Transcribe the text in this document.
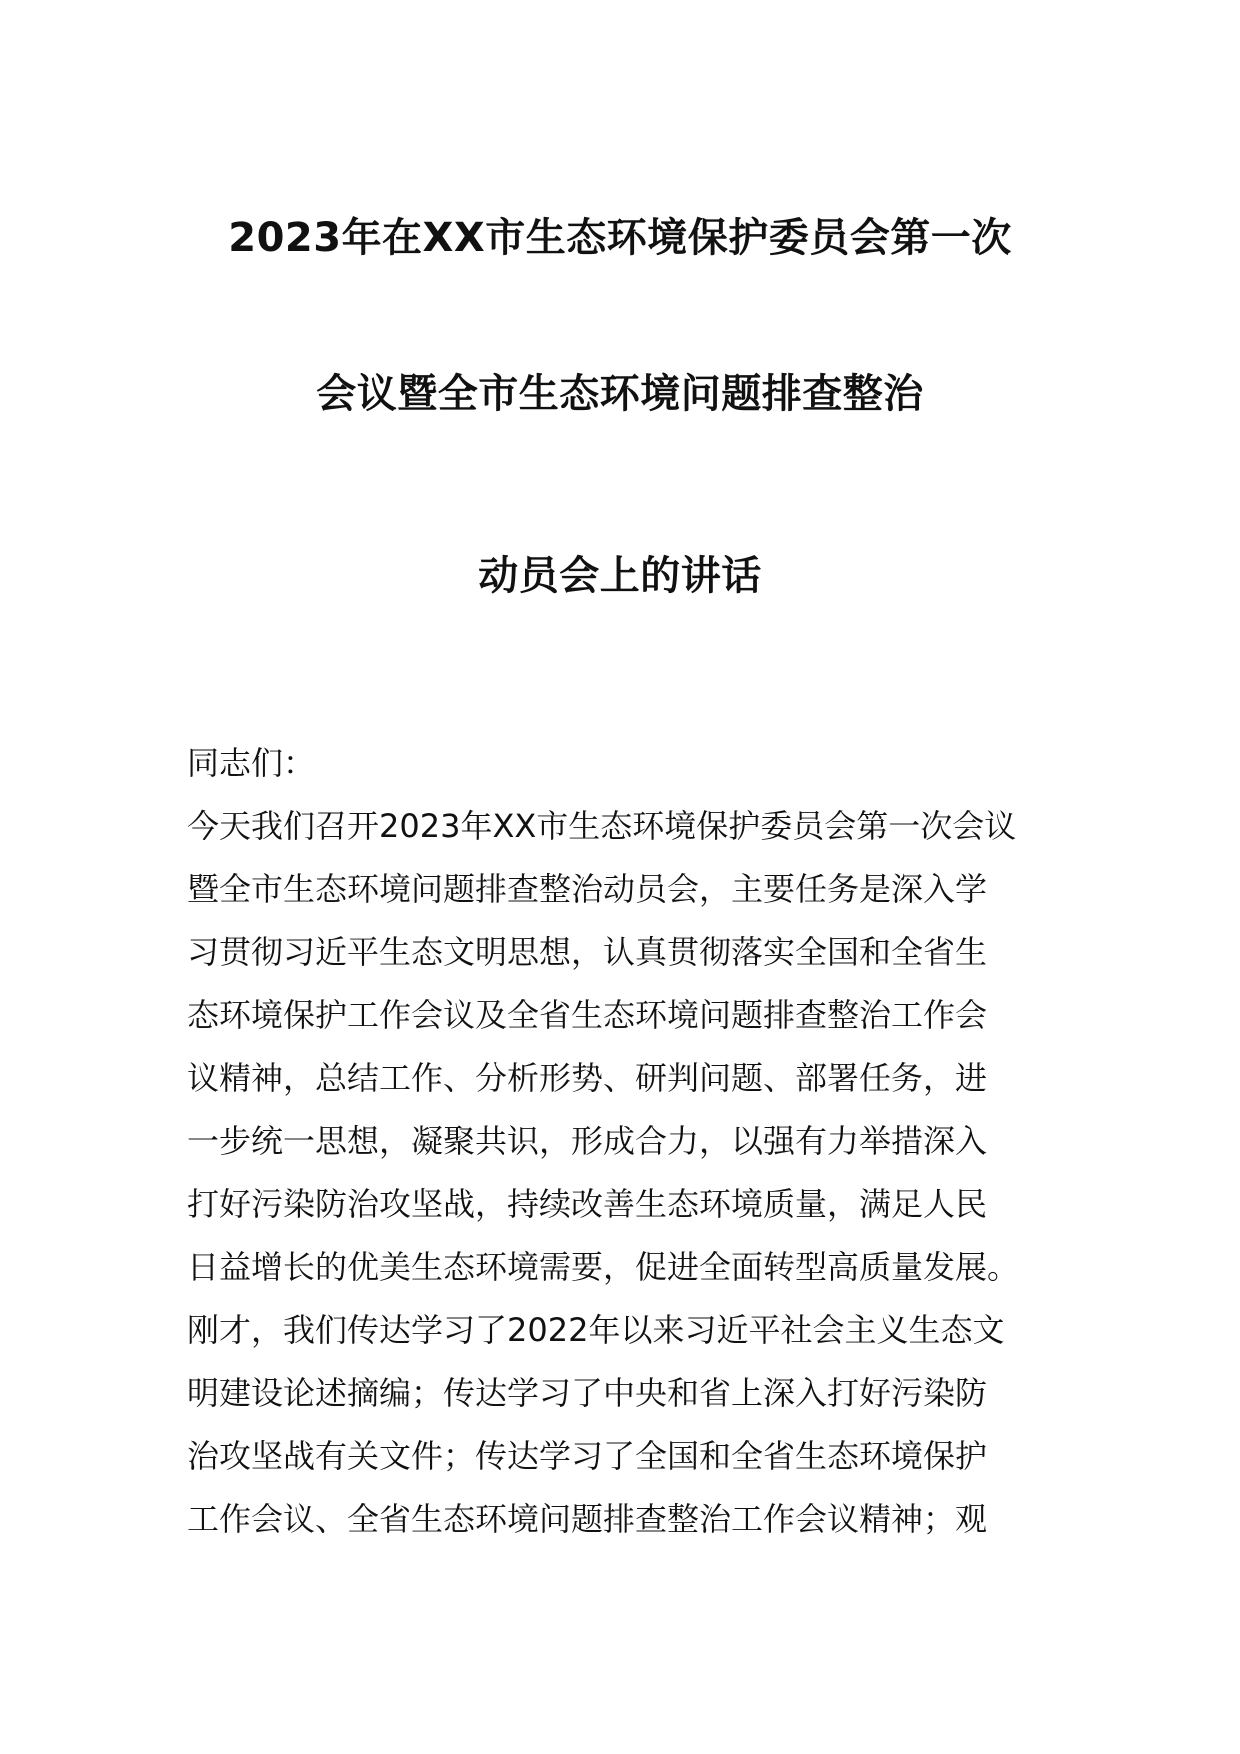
2023年在XX市生态环境保护委员会第一次
会议暨全市生态环境问题排查整治
动员会上的讲话
同志们：
今天我们召开2023年XX市生态环境保护委员会第一次会议
暨全市生态环境问题排查整治动员会，主要任务是深入学
习贯彻习近平生态文明思想，认真贯彻落实全国和全省生
态环境保护工作会议及全省生态环境问题排查整治工作会
议精神，总结工作、分析形势、研判问题、部署任务，进
一步统一思想，凝聚共识，形成合力，以强有力举措深入
打好污染防治攻坚战，持续改善生态环境质量，满足人民
日益增长的优美生态环境需要，促进全面转型高质量发展。
刚才，我们传达学习了2022年以来习近平社会主义生态文
明建设论述摘编；传达学习了中央和省上深入打好污染防
治攻坚战有关文件；传达学习了全国和全省生态环境保护
工作会议、全省生态环境问题排查整治工作会议精神；观
